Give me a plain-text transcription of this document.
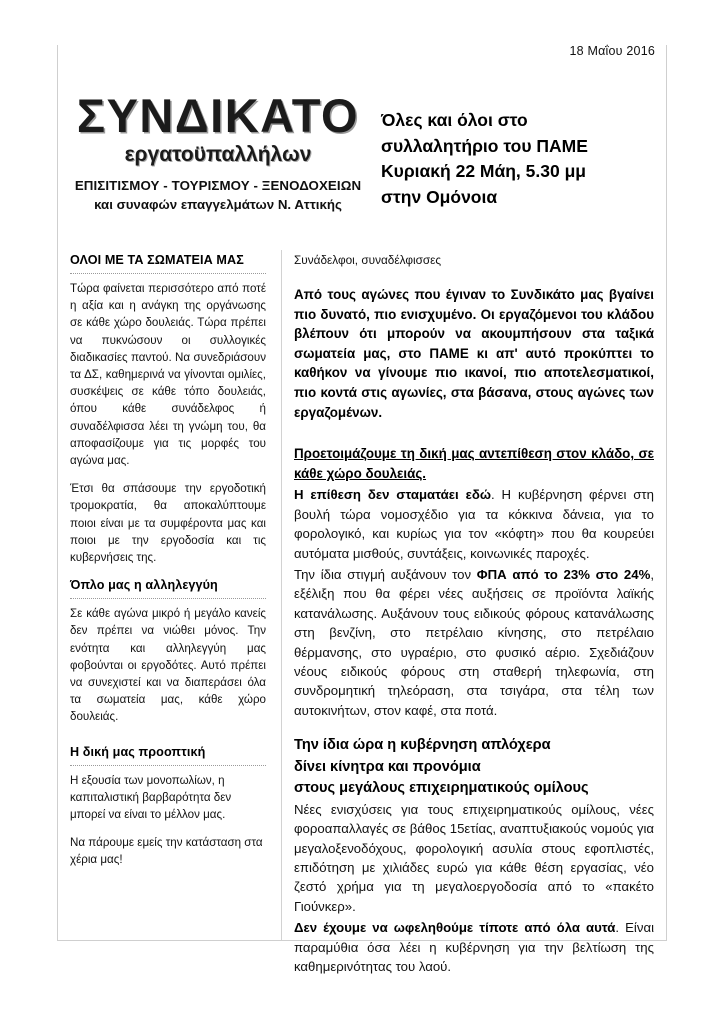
18 Μαΐου 2016
ΣΥΝΔΙΚΑΤΟ
εργατοϋπαλλήλων
ΕΠΙΣΙΤΙΣΜΟΥ - ΤΟΥΡΙΣΜΟΥ - ΞΕΝΟΔΟΧΕΙΩΝ
και συναφών επαγγελμάτων Ν. Αττικής
Όλες και όλοι στο
συλλαλητήριο του ΠΑΜΕ
Κυριακή 22 Μάη, 5.30 μμ
στην Ομόνοια
ΟΛΟΙ ΜΕ ΤΑ ΣΩΜΑΤΕΙΑ ΜΑΣ

Τώρα φαίνεται περισσότερο από ποτέ η αξία και η ανάγκη της οργάνωσης σε κάθε χώρο δουλειάς. Τώρα πρέπει να πυκνώσουν οι συλλογικές διαδικασίες παντού. Να συνεδριάσουν τα ΔΣ, καθημερινά να γίνονται ομιλίες, συσκέψεις σε κάθε τόπο δουλειάς, όπου κάθε συνάδελφος ή συναδέλφισσα λέει τη γνώμη του, θα αποφασίζουμε για τις μορφές του αγώνα μας.

Έτσι θα σπάσουμε την εργοδοτική τρομοκρατία, θα αποκαλύπτουμε ποιοι είναι με τα συμφέροντα μας και ποιοι με την εργοδοσία και τις κυβερνήσεις της.

Όπλο μας η αλληλεγγύη

Σε κάθε αγώνα μικρό ή μεγάλο κανείς δεν πρέπει να νιώθει μόνος. Την ενότητα και αλληλεγγύη μας φοβούνται οι εργοδότες. Αυτό πρέπει να συνεχιστεί και να διαπεράσει όλα τα σωματεία μας, κάθε χώρο δουλειάς.

Η δική μας προοπτική

Η εξουσία των μονοπωλίων, η καπιταλιστική βαρβαρότητα δεν μπορεί να είναι το μέλλον μας.

Να πάρουμε εμείς την κατάσταση στα χέρια μας!

Συνάδελφοι, συναδέλφισσες

Από τους αγώνες που έγιναν το Συνδικάτο μας βγαίνει πιο δυνατό, πιο ενισχυμένο. Οι εργαζόμενοι του κλάδου βλέπουν ότι μπορούν να ακουμπήσουν στα ταξικά σωματεία μας, στο ΠΑΜΕ κι απ' αυτό προκύπτει το καθήκον να γίνουμε πιο ικανοί, πιο αποτελεσματικοί, πιο κοντά στις αγωνίες, στα βάσανα, στους αγώνες των εργαζομένων.

Προετοιμάζουμε τη δική μας αντεπίθεση στον κλάδο, σε κάθε χώρο δουλειάς.

Η επίθεση δεν σταματάει εδώ. Η κυβέρνηση φέρνει στη βουλή τώρα νομοσχέδιο για τα κόκκινα δάνεια, για το φορολογικό, και κυρίως για τον «κόφτη» που θα κουρεύει αυτόματα μισθούς, συντάξεις, κοινωνικές παροχές.

Την ίδια στιγμή αυξάνουν τον ΦΠΑ από το 23% στο 24%, εξέλιξη που θα φέρει νέες αυξήσεις σε προϊόντα λαϊκής κατανάλωσης. Αυξάνουν τους ειδικούς φόρους κατανάλωσης στη βενζίνη, στο πετρέλαιο κίνησης, στο πετρέλαιο θέρμανσης, στο υγραέριο, στο φυσικό αέριο. Σχεδιάζουν νέους ειδικούς φόρους στη σταθερή τηλεφωνία, στη συνδρομητική τηλεόραση, στα τσιγάρα, στα τέλη των αυτοκινήτων, στον καφέ, στα ποτά.

Την ίδια ώρα η κυβέρνηση απλόχερα
δίνει κίνητρα και προνόμια
στους μεγάλους επιχειρηματικούς ομίλους

Νέες ενισχύσεις για τους επιχειρηματικούς ομίλους, νέες φοροαπαλλαγές σε βάθος 15ετίας, αναπτυξιακούς νομούς για μεγαλοξενοδόχους, φορολογική ασυλία στους εφοπλιστές, επιδότηση με χιλιάδες ευρώ για κάθε θέση εργασίας, νέο ζεστό χρήμα για τη μεγαλοεργοδοσία από το «πακέτο Γιούνκερ».

Δεν έχουμε να ωφεληθούμε τίποτε από όλα αυτά. Είναι παραμύθια όσα λέει η κυβέρνηση για την βελτίωση της καθημερινότητας του λαού.
